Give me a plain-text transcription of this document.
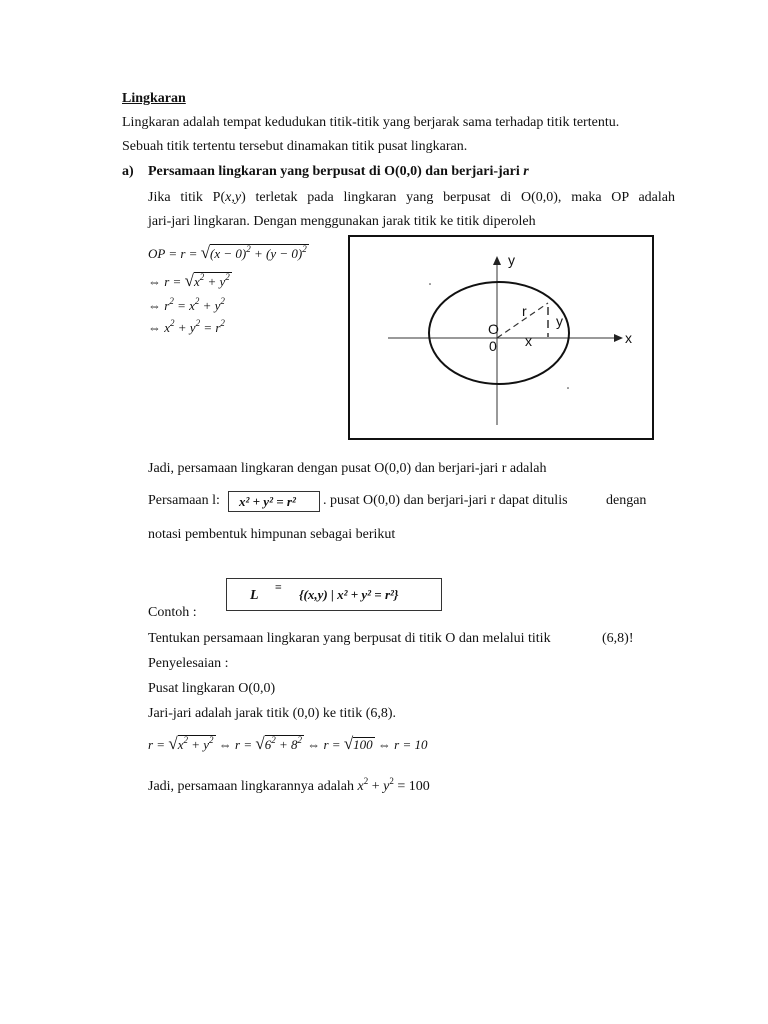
Lingkaran
Lingkaran adalah tempat kedudukan titik-titik yang berjarak sama terhadap titik tertentu.
Sebuah titik tertentu tersebut dinamakan titik pusat lingkaran.
a) Persamaan lingkaran yang berpusat di O(0,0) dan berjari-jari r
Jika titik P(x,y) terletak pada lingkaran yang berpusat di O(0,0), maka OP adalah
jari-jari lingkaran. Dengan menggunakan jarak titik ke titik diperoleh
OP = $r = √(x - 0)^2 + (y - 0)^2$
⇔ $r = √x^2 + y^2$
⇔ $r^2 = x^2 + y^2$
⇔ $x^2 + y^2 = r^2$
y
x
O
0
r
y
x
Jadi, persamaan lingkaran dengan pusat O(0,0) dan berjari-jari r adalah
Persamaan l: x² + y² = r² . pusat O(0,0) dan berjari-jari r dapat ditulis	dengan
notasi pembentuk himpunan sebagai berikut
L
≡ {(x,y) | x² + y² = r²}
Contoh :
Tentukan persamaan lingkaran yang berpusat di titik O dan melalui titik	(6,8)!
Penyelesaian :
Pusat lingkaran O(0,0)
Jari-jari adalah jarak titik (0,0) ke titik (6,8).
$r = √x^2 + y^2$ ⇔ $r = √6^2 + 8^2$ ⇔ r = √100 ⇔ r = 10
Jadi, persamaan lingkarannya adalah $x^2 + y^2 = 100$
